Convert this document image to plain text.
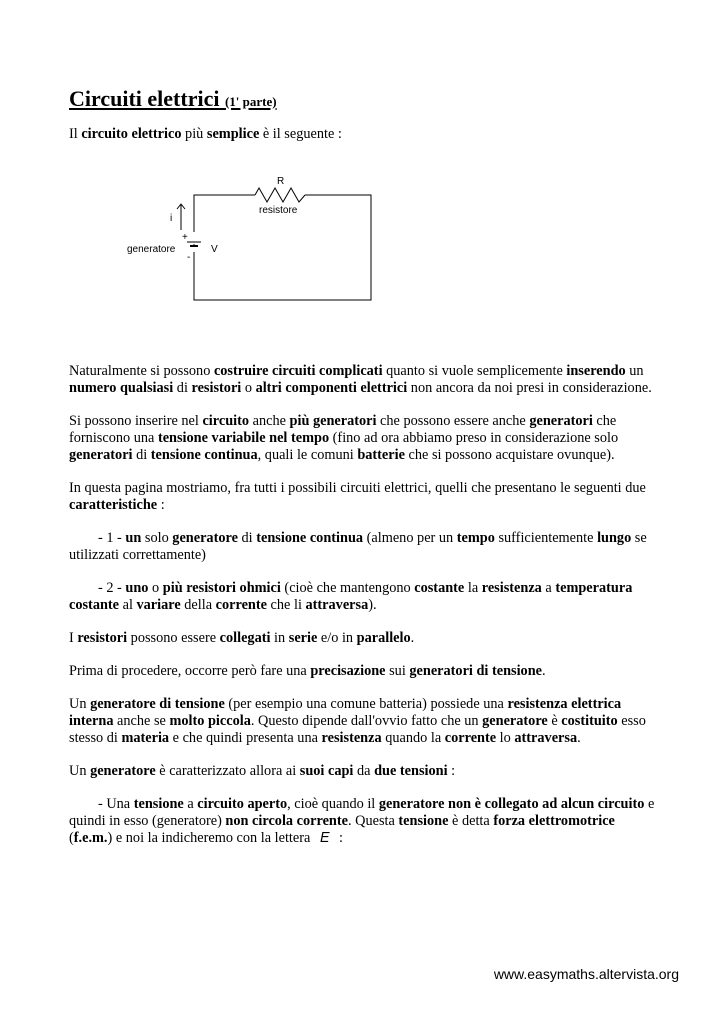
Circuiti elettrici (1' parte)

Il circuito elettrico più semplice è il seguente :

R
resistore
i
+
-
generatore	V

Naturalmente si possono costruire circuiti complicati quanto si vuole semplicemente inserendo un numero qualsiasi di resistori o altri componenti elettrici non ancora da noi presi in considerazione.

Si possono inserire nel circuito anche più generatori che possono essere anche generatori che forniscono una tensione variabile nel tempo (fino ad ora abbiamo preso in considerazione solo generatori di tensione continua, quali le comuni batterie che si possono acquistare ovunque).

In questa pagina mostriamo, fra tutti i possibili circuiti elettrici, quelli che presentano le seguenti due caratteristiche :

- 1 - un solo generatore di tensione continua (almeno per un tempo sufficientemente lungo se utilizzati correttamente)

- 2 - uno o più resistori ohmici (cioè che mantengono costante la resistenza a temperatura costante al variare della corrente che li attraversa).

I resistori possono essere collegati in serie e/o in parallelo.

Prima di procedere, occorre però fare una precisazione sui generatori di tensione.

Un generatore di tensione (per esempio una comune batteria) possiede una resistenza elettrica interna anche se molto piccola. Questo dipende dall'ovvio fatto che un generatore è costituito esso stesso di materia e che quindi presenta una resistenza quando la corrente lo attraversa.

Un generatore è caratterizzato allora ai suoi capi da due tensioni :

- Una tensione a circuito aperto, cioè quando il generatore non è collegato ad alcun circuito e quindi in esso (generatore) non circola corrente. Questa tensione è detta forza elettromotrice (f.e.m.) e noi la indicheremo con la lettera E :

www.easymaths.altervista.org
